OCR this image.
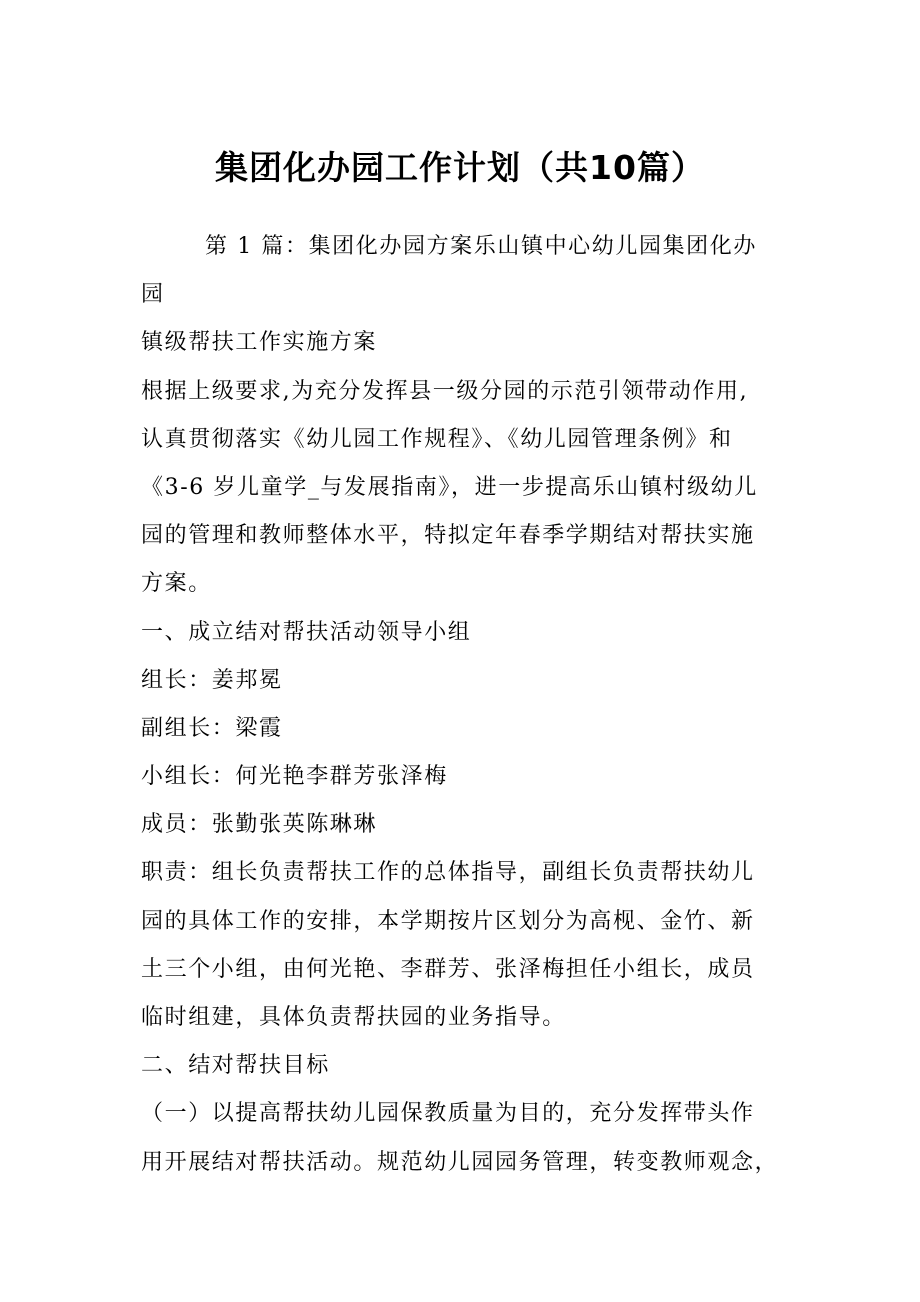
集团化办园工作计划（共10篇）
第 1 篇：集团化办园方案乐山镇中心幼儿园集团化办
园
镇级帮扶工作实施方案
根据上级要求,为充分发挥县一级分园的示范引领带动作用,
认真贯彻落实《幼儿园工作规程》、《幼儿园管理条例》和
《3-6 岁儿童学_与发展指南》，进一步提高乐山镇村级幼儿
园的管理和教师整体水平，特拟定年春季学期结对帮扶实施
方案。
一、成立结对帮扶活动领导小组
组长：姜邦冕
副组长：梁霞
小组长：何光艳李群芳张泽梅
成员：张勤张英陈琳琳
职责：组长负责帮扶工作的总体指导，副组长负责帮扶幼儿
园的具体工作的安排，本学期按片区划分为高枧、金竹、新
土三个小组，由何光艳、李群芳、张泽梅担任小组长，成员
临时组建，具体负责帮扶园的业务指导。
二、结对帮扶目标
（一）以提高帮扶幼儿园保教质量为目的，充分发挥带头作
用开展结对帮扶活动。规范幼儿园园务管理，转变教师观念，
